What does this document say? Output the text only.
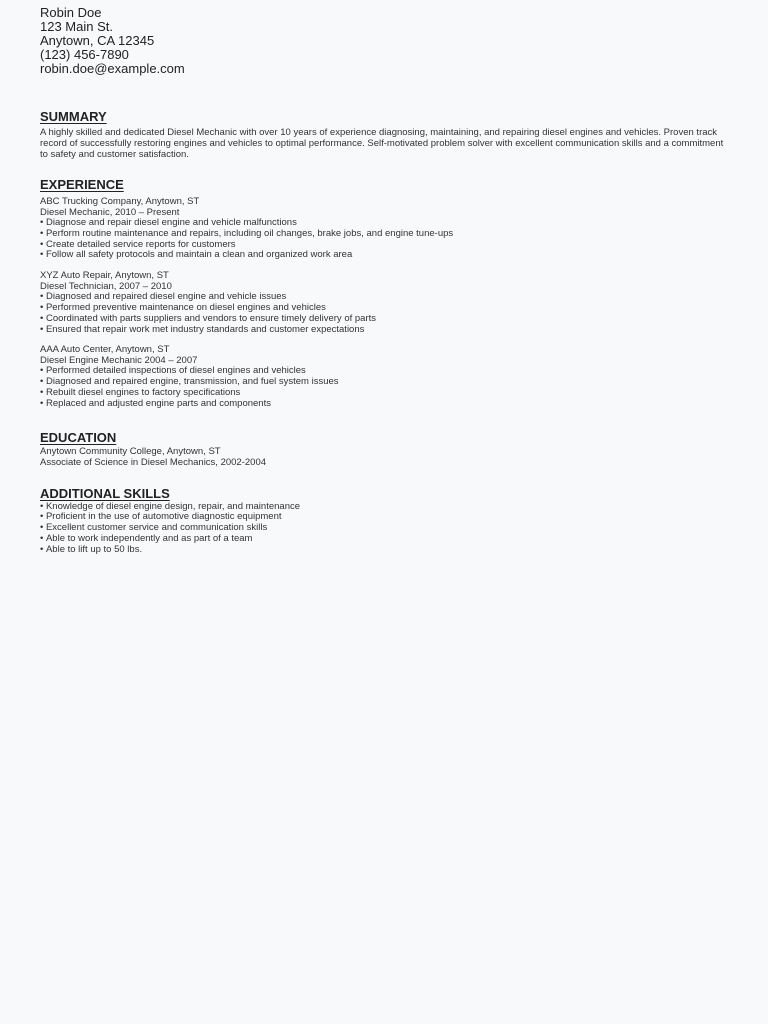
Robin Doe
123 Main St.
Anytown, CA 12345
(123) 456-7890
robin.doe@example.com
SUMMARY
A highly skilled and dedicated Diesel Mechanic with over 10 years of experience diagnosing, maintaining, and repairing diesel engines and vehicles. Proven track record of successfully restoring engines and vehicles to optimal performance. Self-motivated problem solver with excellent communication skills and a commitment to safety and customer satisfaction.
EXPERIENCE
ABC Trucking Company, Anytown, ST
Diesel Mechanic, 2010 – Present
• Diagnose and repair diesel engine and vehicle malfunctions
• Perform routine maintenance and repairs, including oil changes, brake jobs, and engine tune-ups
• Create detailed service reports for customers
• Follow all safety protocols and maintain a clean and organized work area
XYZ Auto Repair, Anytown, ST
Diesel Technician, 2007 – 2010
• Diagnosed and repaired diesel engine and vehicle issues
• Performed preventive maintenance on diesel engines and vehicles
• Coordinated with parts suppliers and vendors to ensure timely delivery of parts
• Ensured that repair work met industry standards and customer expectations
AAA Auto Center, Anytown, ST
Diesel Engine Mechanic 2004 – 2007
• Performed detailed inspections of diesel engines and vehicles
• Diagnosed and repaired engine, transmission, and fuel system issues
• Rebuilt diesel engines to factory specifications
• Replaced and adjusted engine parts and components
EDUCATION
Anytown Community College, Anytown, ST
Associate of Science in Diesel Mechanics, 2002-2004
ADDITIONAL SKILLS
• Knowledge of diesel engine design, repair, and maintenance
• Proficient in the use of automotive diagnostic equipment
• Excellent customer service and communication skills
• Able to work independently and as part of a team
• Able to lift up to 50 lbs.
